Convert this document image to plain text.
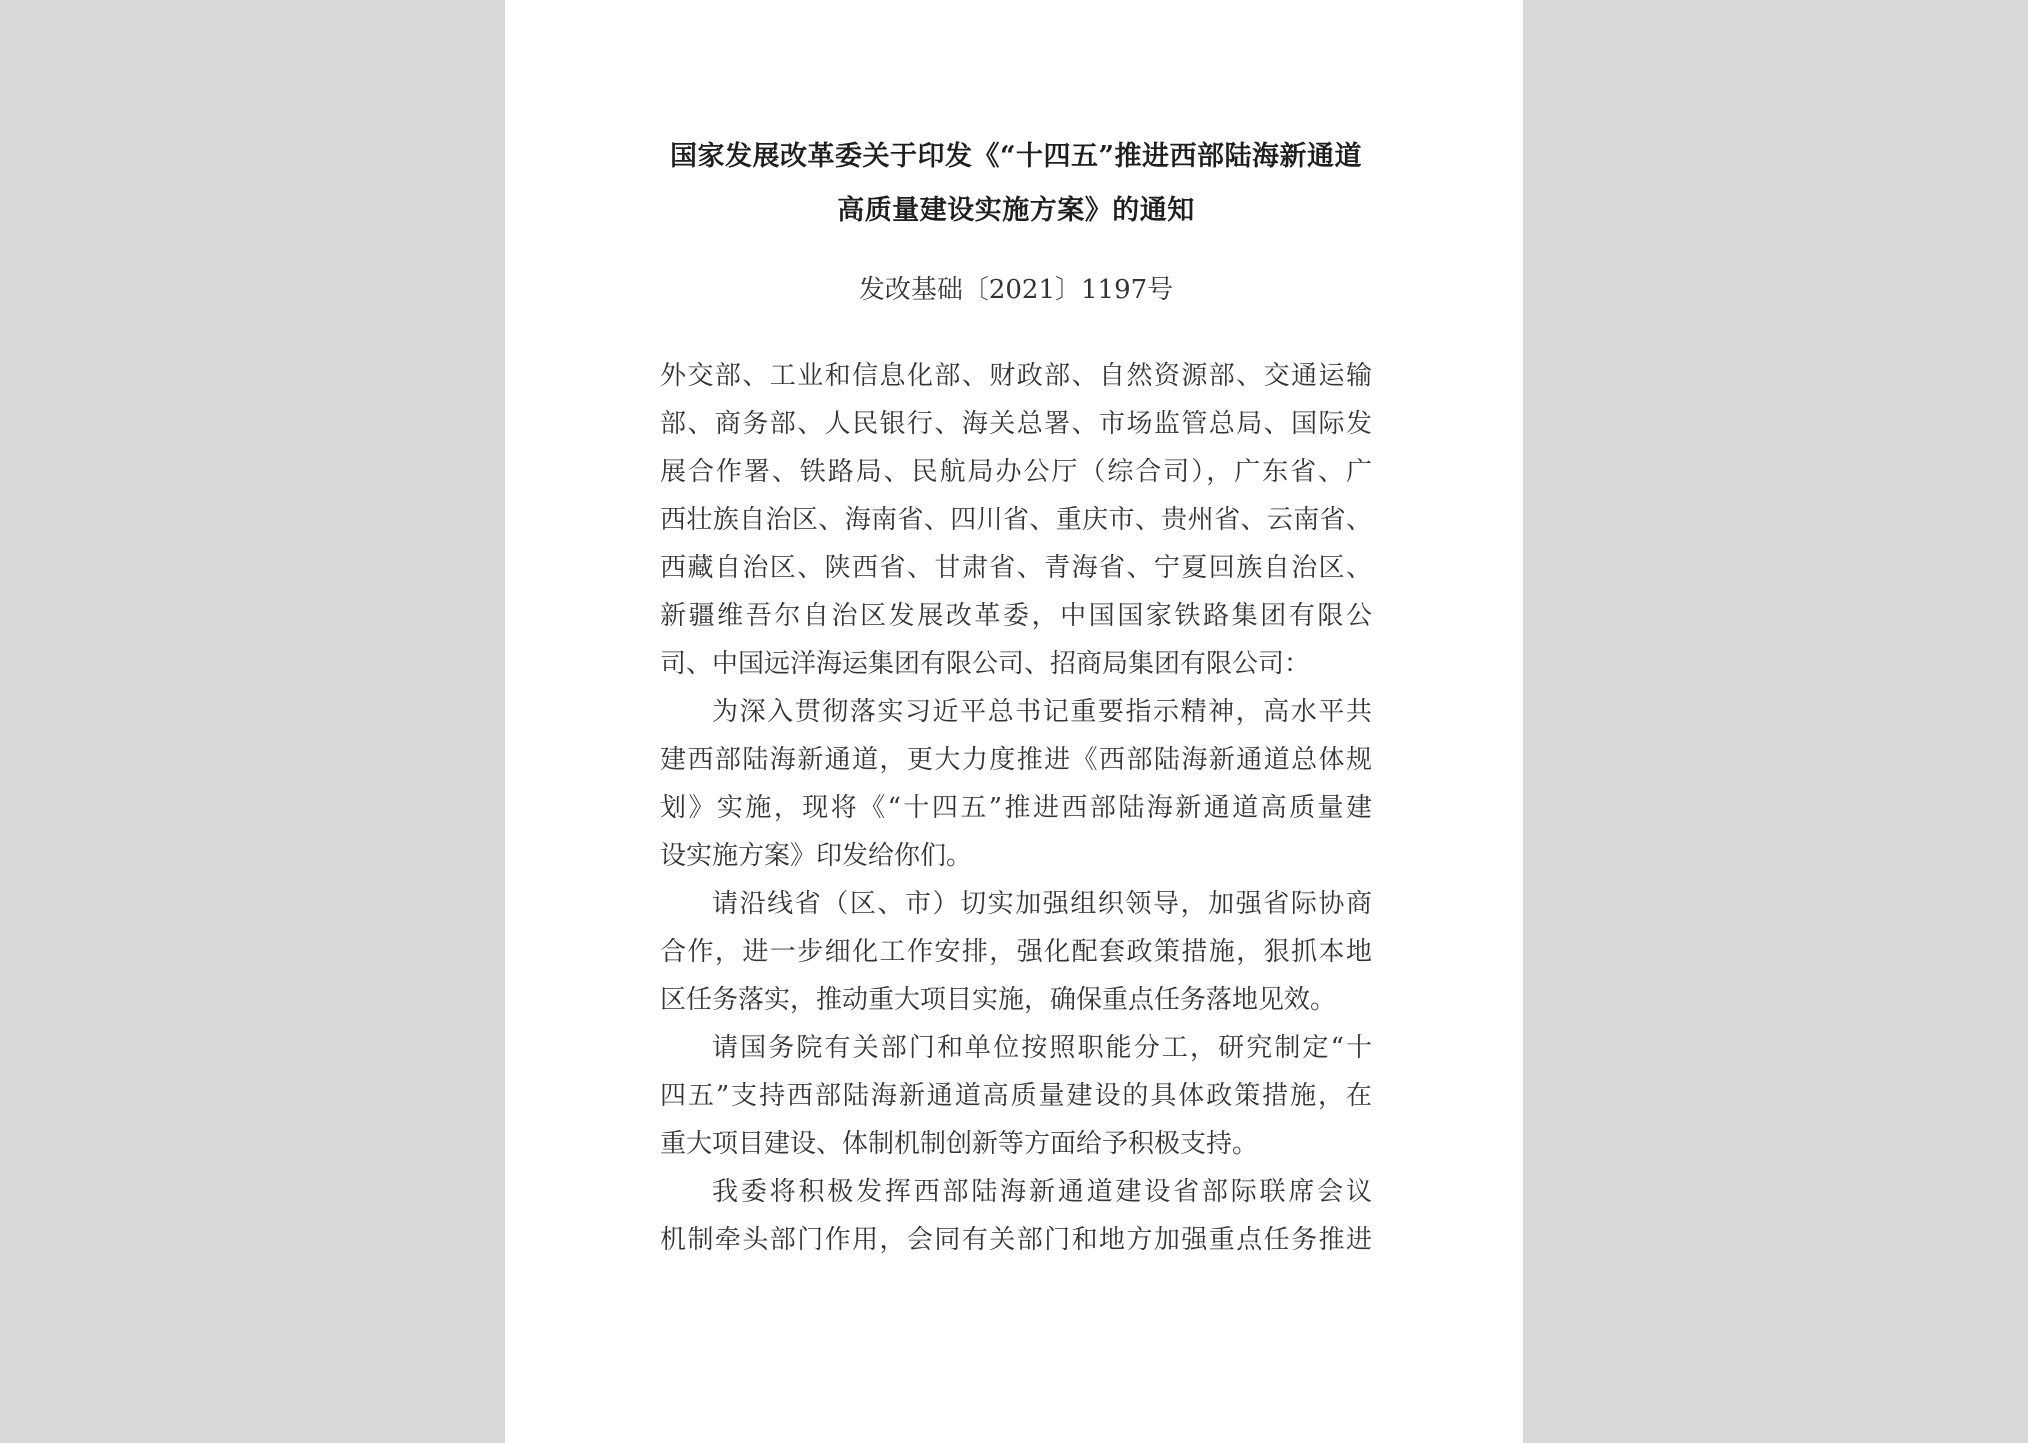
国家发展改革委关于印发《“十四五”推进西部陆海新通道
高质量建设实施方案》的通知
发改基础〔2021〕1197号
外交部、工业和信息化部、财政部、自然资源部、交通运输
部、商务部、人民银行、海关总署、市场监管总局、国际发
展合作署、铁路局、民航局办公厅（综合司），广东省、广
西壮族自治区、海南省、四川省、重庆市、贵州省、云南省、
西藏自治区、陕西省、甘肃省、青海省、宁夏回族自治区、
新疆维吾尔自治区发展改革委，中国国家铁路集团有限公
司、中国远洋海运集团有限公司、招商局集团有限公司：
为深入贯彻落实习近平总书记重要指示精神，高水平共
建西部陆海新通道，更大力度推进《西部陆海新通道总体规
划》实施，现将《“十四五”推进西部陆海新通道高质量建
设实施方案》印发给你们。
请沿线省（区、市）切实加强组织领导，加强省际协商
合作，进一步细化工作安排，强化配套政策措施，狠抓本地
区任务落实，推动重大项目实施，确保重点任务落地见效。
请国务院有关部门和单位按照职能分工，研究制定“十
四五”支持西部陆海新通道高质量建设的具体政策措施，在
重大项目建设、体制机制创新等方面给予积极支持。
我委将积极发挥西部陆海新通道建设省部际联席会议
机制牵头部门作用，会同有关部门和地方加强重点任务推进
